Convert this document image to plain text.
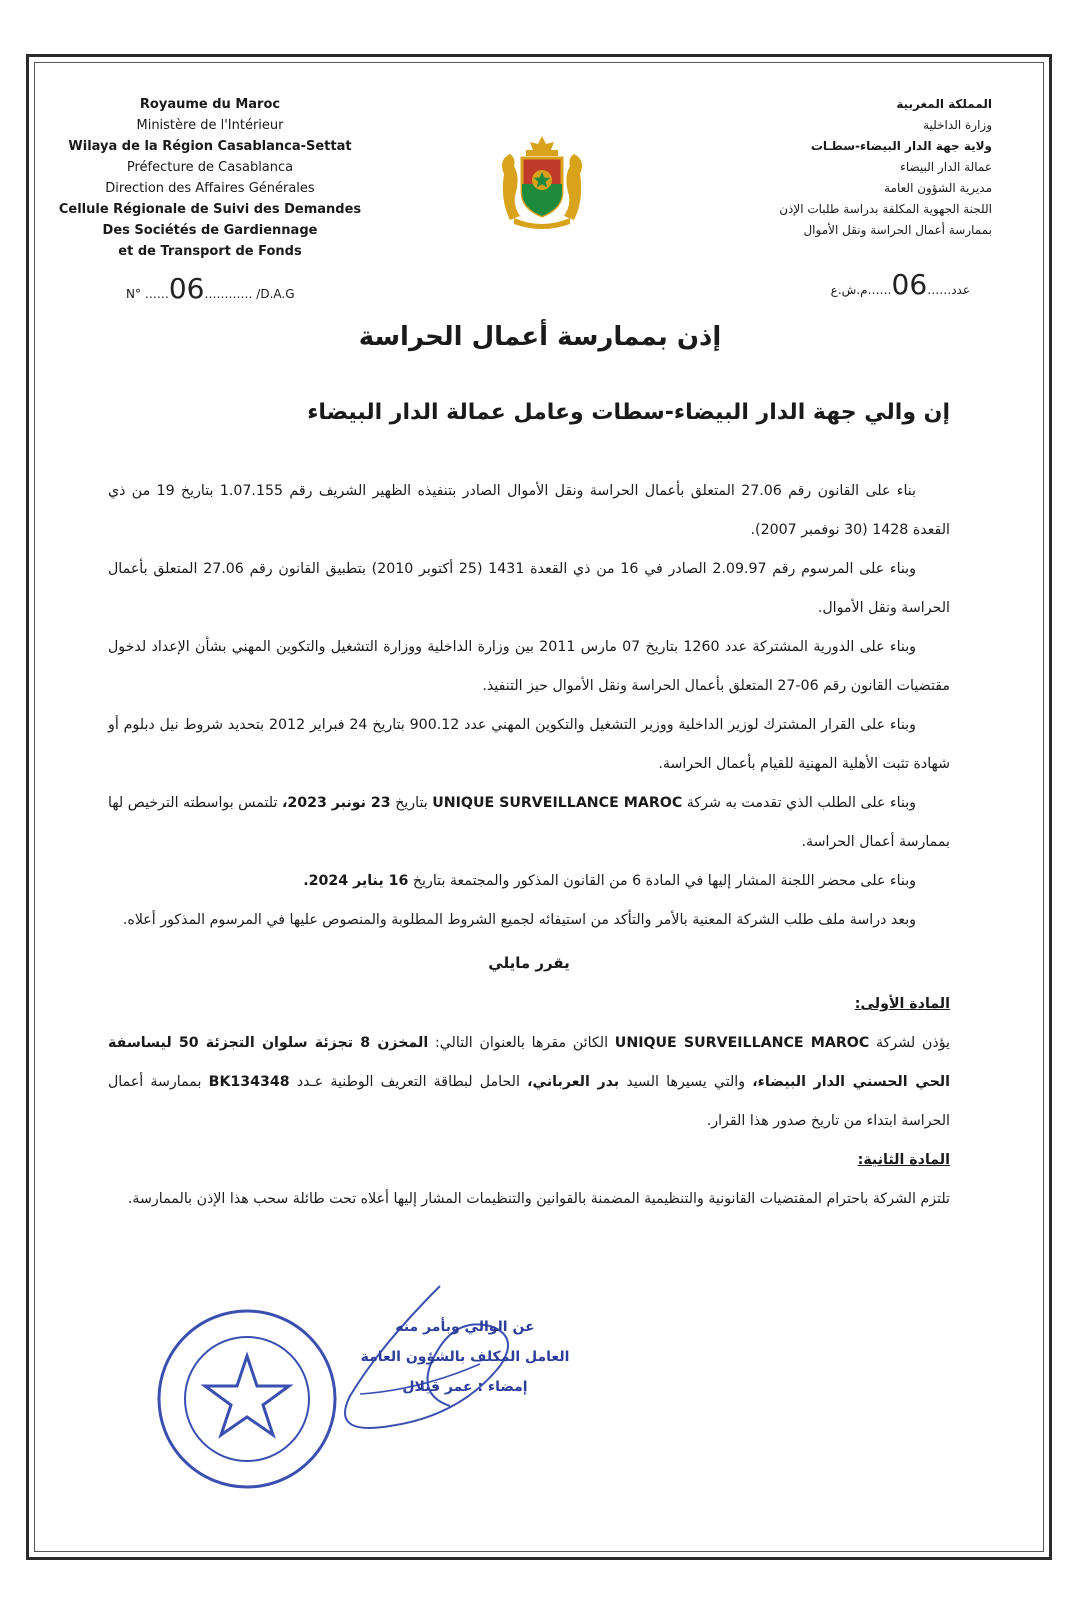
Royaume du Maroc
Ministère de l'Intérieur
Wilaya de la Région Casablanca-Settat
Préfecture de Casablanca
Direction des Affaires Générales
Cellule Régionale de Suivi des Demandes
Des Sociétés de Gardiennage
et de Transport de Fonds
N° ……06………… /D.A.G
المملكة المغربية
وزارة الداخلية
ولاية جهة الدار البيضاء-سطـات
عمالة الدار البيضاء
مديرية الشؤون العامة
اللجنة الجهوية المكلفة بدراسة طلبات الإذن
بممارسة أعمال الحراسة ونقل الأموال
عدد……06……م.ش.ع
إذن بممارسة أعمال الحراسة
إن والي جهة الدار البيضاء-سطات وعامل عمالة الدار البيضاء

بناء على القانون رقم 27.06 المتعلق بأعمال الحراسة ونقل الأموال الصادر بتنفيذه الظهير الشريف رقم 1.07.155 بتاريخ 19 من ذي القعدة 1428 (30 نوفمبر 2007).

وبناء على المرسوم رقم 2.09.97 الصادر في 16 من ذي القعدة 1431 (25 أكتوبر 2010) بتطبيق القانون رقم 27.06 المتعلق بأعمال الحراسة ونقل الأموال.

وبناء على الدورية المشتركة عدد 1260 بتاريخ 07 مارس 2011 بين وزارة الداخلية ووزارة التشغيل والتكوين المهني بشأن الإعداد لدخول مقتضيات القانون رقم 06-27 المتعلق بأعمال الحراسة ونقل الأموال حيز التنفيذ.

وبناء على القرار المشترك لوزير الداخلية ووزير التشغيل والتكوين المهني عدد 900.12 بتاريخ 24 فبراير 2012 بتحديد شروط نيل دبلوم أو شهادة تثبت الأهلية المهنية للقيام بأعمال الحراسة.

وبناء على الطلب الذي تقدمت به شركة UNIQUE SURVEILLANCE MAROC بتاريخ 23 نونبر 2023، تلتمس بواسطته الترخيص لها بممارسة أعمال الحراسة.

وبناء على محضر اللجنة المشار إليها في المادة 6 من القانون المذكور والمجتمعة بتاريخ 16 يناير 2024.

وبعد دراسة ملف طلب الشركة المعنية بالأمر والتأكد من استيفائه لجميع الشروط المطلوبة والمنصوص عليها في المرسوم المذكور أعلاه.

يقرر مايلي

المادة الأولى:

يؤذن لشركة UNIQUE SURVEILLANCE MAROC الكائن مقرها بالعنوان التالي: المخزن 8 تجزئة سلوان التجزئة 50 ليساسفة الحي الحسني الدار البيضاء، والتي يسيرها السيد بدر العرباني، الحامل لبطاقة التعريف الوطنية عـدد BK134348 بممارسة أعمال الحراسة ابتداء من تاريخ صدور هذا القرار.

المادة الثانية:

تلتزم الشركة باحترام المقتضيات القانونية والتنظيمية المضمنة بالقوانين والتنظيمات المشار إليها أعلاه تحت طائلة سحب هذا الإذن بالممارسة.

عن الوالي وبأمر منه
العامل المكلف بالشؤون العامة
إمضاء : عمر قيلال
